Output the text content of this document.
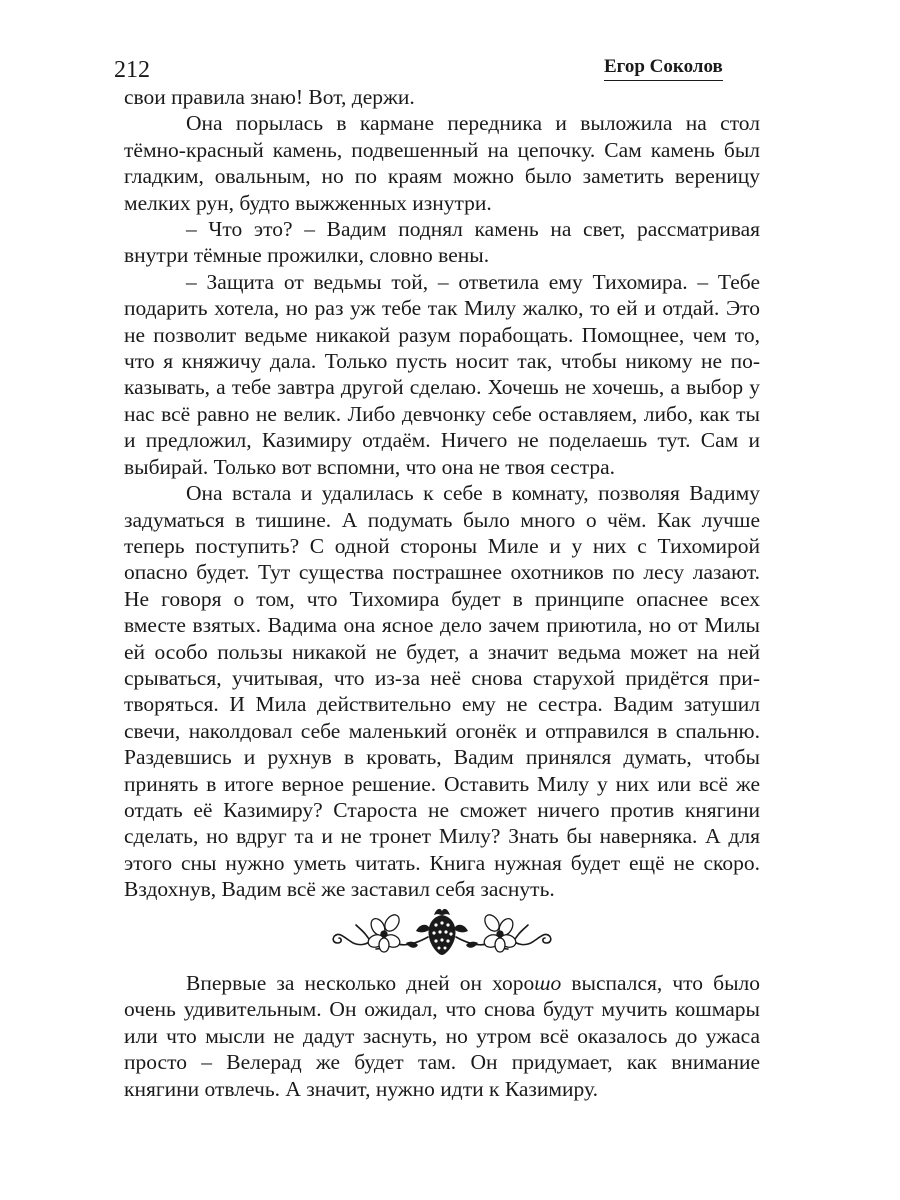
212	Егор Соколов

свои правила знаю! Вот, держи.

Она порылась в кармане передника и выложила на стол тёмно-красный камень, подвешенный на цепочку. Сам камень был гладким, овальным, но по краям можно было заметить вереницу мелких рун, будто выжженных изнутри.

– Что это? – Вадим поднял камень на свет, рассматривая внутри тёмные прожилки, словно вены.

– Защита от ведьмы той, – ответила ему Тихомира. – Тебе подарить хотела, но раз уж тебе так Милу жалко, то ей и отдай. Это не позволит ведьме никакой разум порабощать. Помощнее, чем то, что я княжичу дала. Только пусть носит так, чтобы никому не показывать, а тебе завтра другой сделаю. Хочешь не хочешь, а выбор у нас всё равно не велик. Либо девчонку себе оставляем, либо, как ты и предложил, Казимиру отдаём. Ничего не поделаешь тут. Сам и выбирай. Только вот вспомни, что она не твоя сестра.

Она встала и удалилась к себе в комнату, позволяя Вадиму задуматься в тишине. А подумать было много о чём. Как лучше теперь поступить? С одной стороны Миле и у них с Тихомирой опасно будет. Тут существа пострашнее охотников по лесу лазают. Не говоря о том, что Тихомира будет в принципе опаснее всех вместе взятых. Вадима она ясное дело зачем приютила, но от Милы ей особо пользы никакой не будет, а значит ведьма может на ней срываться, учитывая, что из-за неё снова старухой придётся притворяться. И Мила действительно ему не сестра. Вадим затушил свечи, наколдовал себе маленький огонёк и отправился в спальню. Раздевшись и рухнув в кровать, Вадим принялся думать, чтобы принять в итоге верное решение. Оставить Милу у них или всё же отдать её Казимиру? Староста не сможет ничего против княгини сделать, но вдруг та и не тронет Милу? Знать бы наверняка. А для этого сны нужно уметь читать. Книга нужная будет ещё не скоро. Вздохнув, Вадим всё же заставил себя заснуть.

Впервые за несколько дней он хорошо выспался, что было очень удивительным. Он ожидал, что снова будут мучить кошмары или что мысли не дадут заснуть, но утром всё оказалось до ужаса просто – Велерад же будет там. Он придумает, как внимание княгини отвлечь. А значит, нужно идти к Казимиру.
